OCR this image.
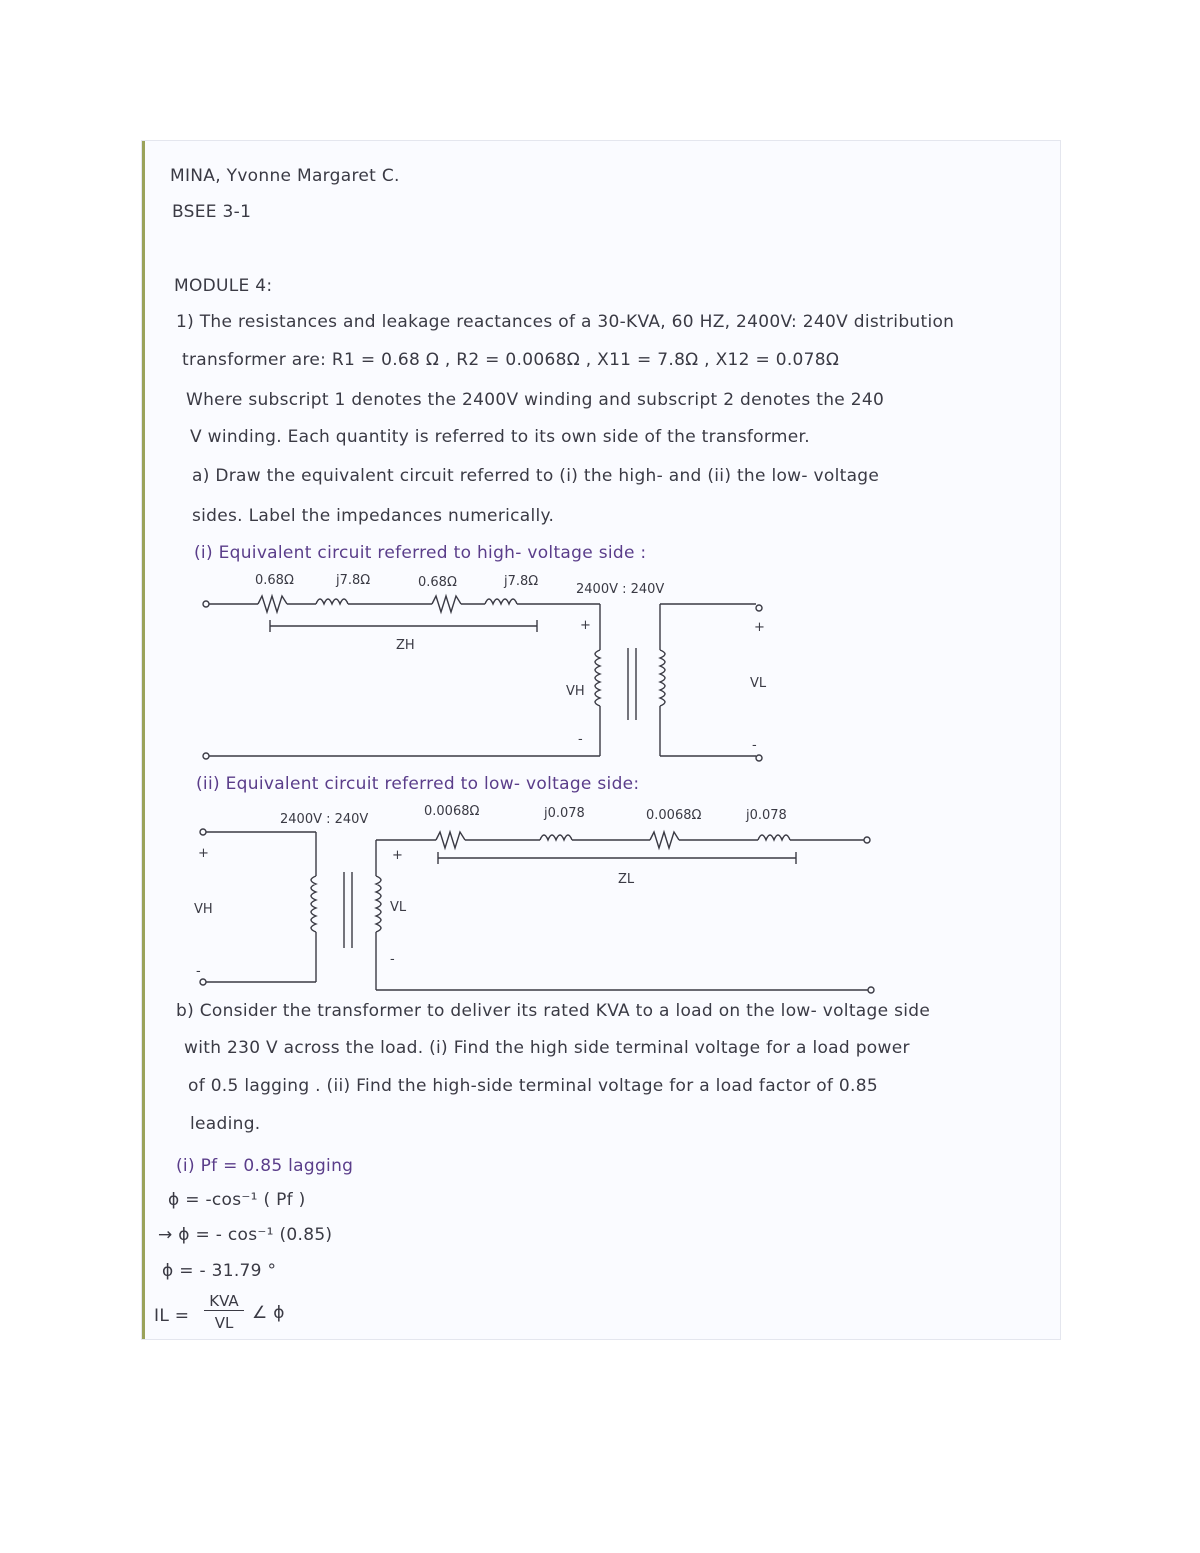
MINA, Yvonne Margaret C.
BSEE 3-1
MODULE 4:
1) The resistances and leakage reactances of a 30-KVA, 60 HZ, 2400V: 240V distribution
transformer are: R1 = 0.68 Ω , R2 = 0.0068Ω , X11 = 7.8Ω , X12 = 0.078Ω
Where subscript 1 denotes the 2400V winding and subscript 2 denotes the 240
V winding. Each quantity is referred to its own side of the transformer.
a) Draw the equivalent circuit referred to (i) the high- and (ii) the low- voltage
sides. Label the impedances numerically.
(i) Equivalent circuit referred to high- voltage side :
0.68Ω	j7.8Ω	0.68Ω	j7.8Ω
2400V : 240V
ZH
+
VH
-
+
VL
-
(ii) Equivalent circuit referred to low- voltage side:
2400V : 240V
0.0068Ω	j0.078	0.0068Ω	j0.078
ZL
+
VH
-
+
VL
-
b) Consider the transformer to deliver its rated KVA to a load on the low- voltage side
with 230 V across the load. (i) Find the high side terminal voltage for a load power
of 0.5 lagging . (ii) Find the high-side terminal voltage for a load factor of 0.85
leading.
(i) Pf = 0.85 lagging
ϕ = -cos⁻¹ ( Pf )
→ ϕ = - cos⁻¹ (0.85)
ϕ = - 31.79 °
IL =
KVA
VL	∠ ϕ
